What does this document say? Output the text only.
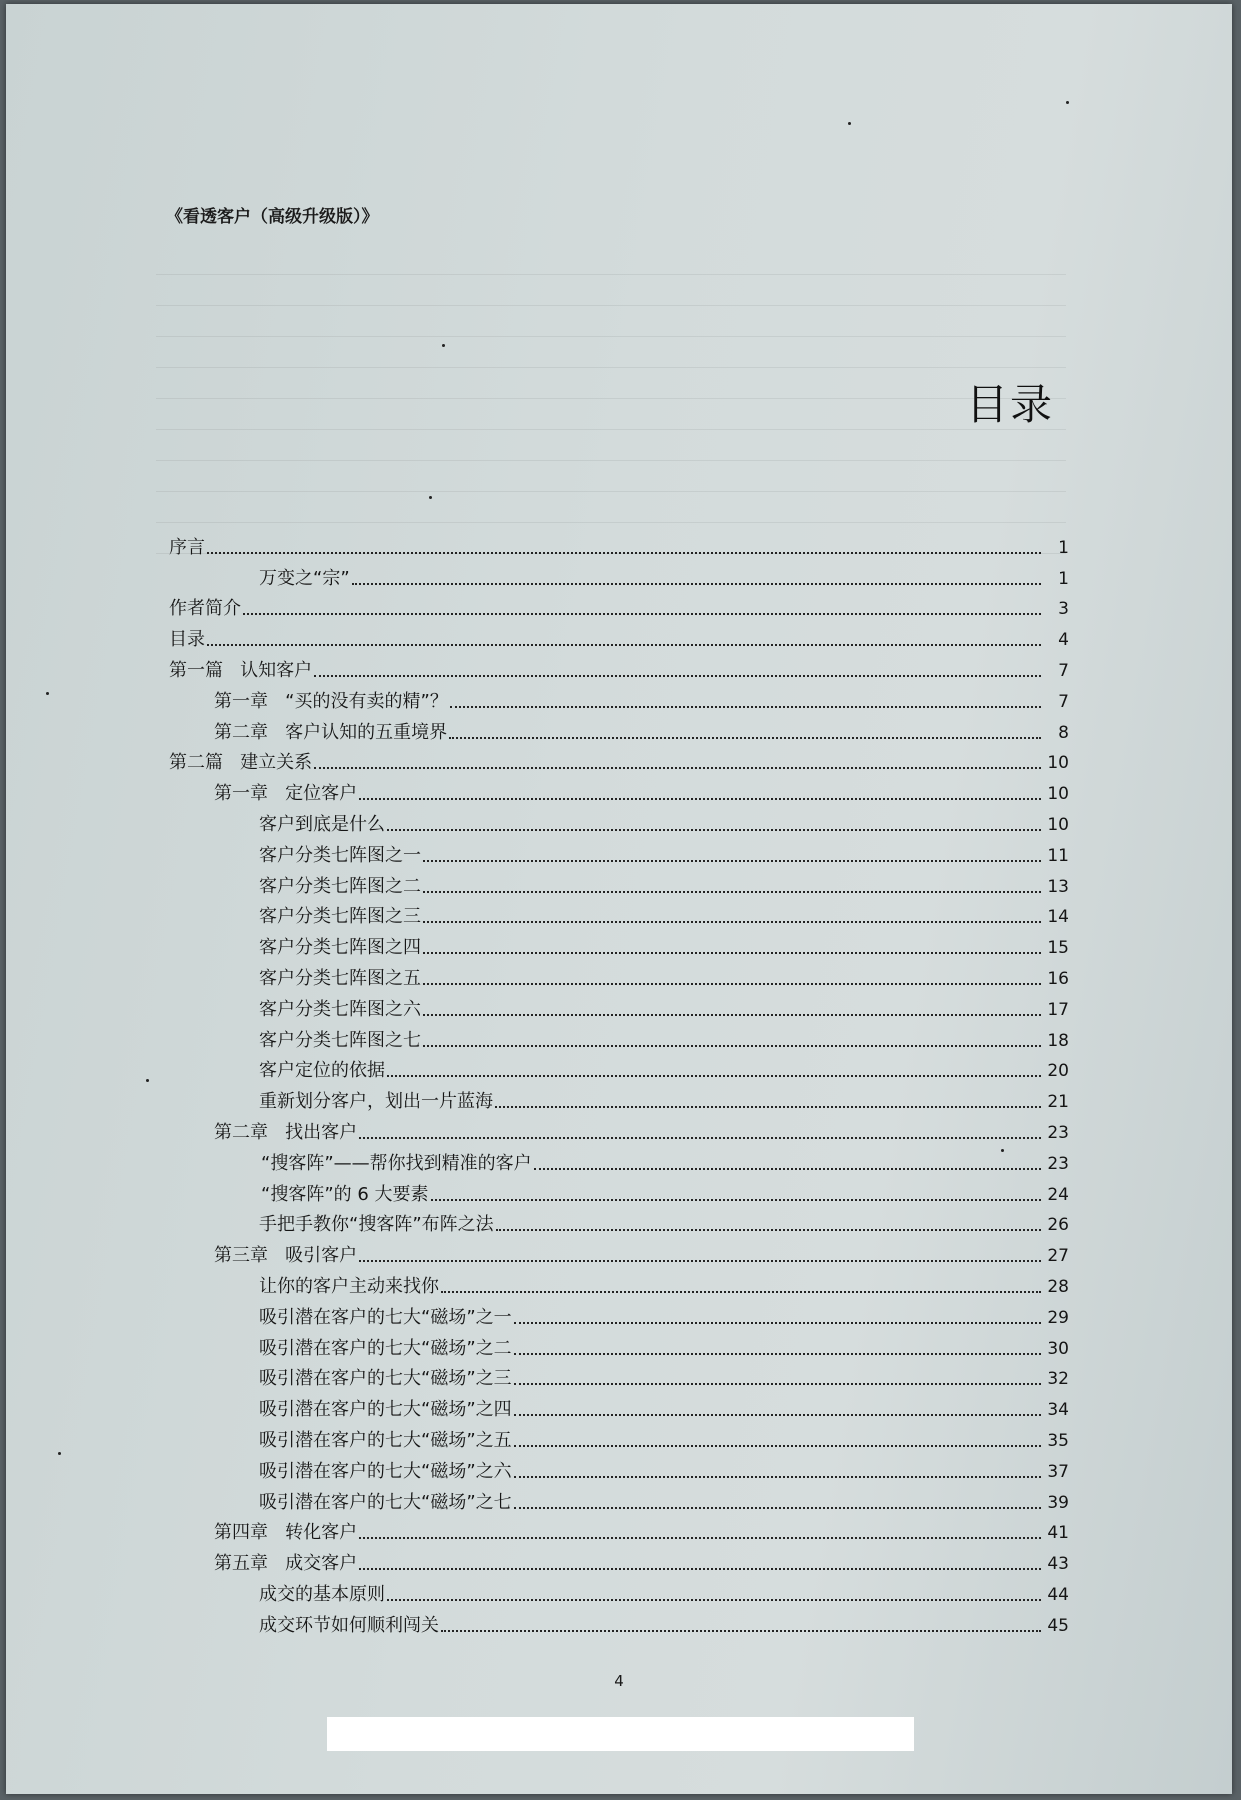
《看透客户（高级升级版）》
目录
序言	1
万变之“宗”	1
作者简介	3
目录	4
第一篇   认知客户	7
第一章   “买的没有卖的精”？	7
第二章   客户认知的五重境界	8
第二篇   建立关系	10
第一章   定位客户	10
客户到底是什么	10
客户分类七阵图之一	11
客户分类七阵图之二	13
客户分类七阵图之三	14
客户分类七阵图之四	15
客户分类七阵图之五	16
客户分类七阵图之六	17
客户分类七阵图之七	18
客户定位的依据	20
重新划分客户，划出一片蓝海	21
第二章   找出客户	23
“搜客阵”——帮你找到精准的客户	23
“搜客阵”的 6 大要素	24
手把手教你“搜客阵”布阵之法	26
第三章   吸引客户	27
让你的客户主动来找你	28
吸引潜在客户的七大“磁场”之一	29
吸引潜在客户的七大“磁场”之二	30
吸引潜在客户的七大“磁场”之三	32
吸引潜在客户的七大“磁场”之四	34
吸引潜在客户的七大“磁场”之五	35
吸引潜在客户的七大“磁场”之六	37
吸引潜在客户的七大“磁场”之七	39
第四章   转化客户	41
第五章   成交客户	43
成交的基本原则	44
成交环节如何顺利闯关	45
4
